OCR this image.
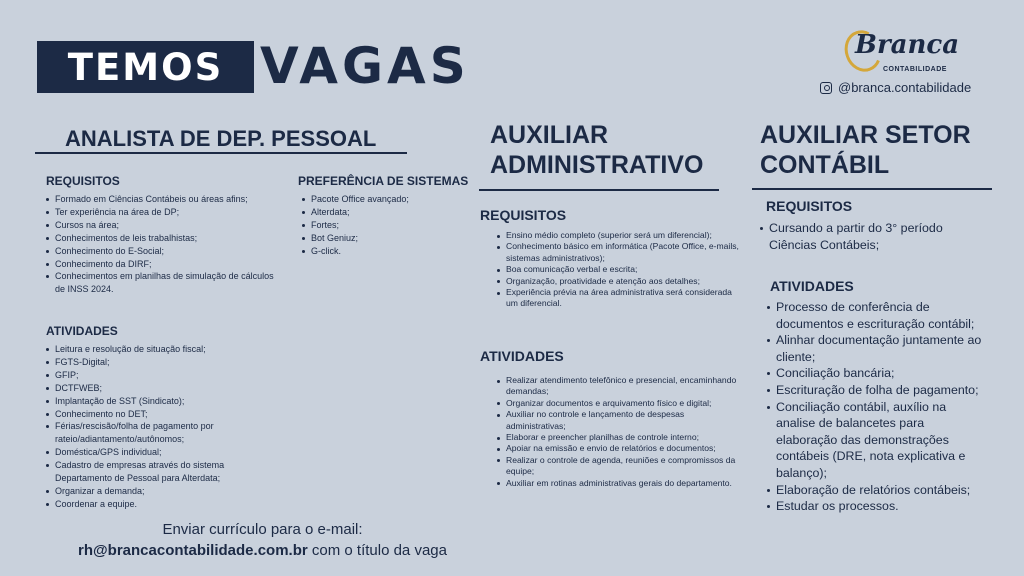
TEMOS VAGAS	Branca
CONTABILIDADE
@branca.contabilidade
ANALISTA DE DEP. PESSOAL
REQUISITOS
Formado em Ciências Contábeis ou áreas afins;
Ter experiência na área de DP;
Cursos na área;
Conhecimentos de leis trabalhistas;
Conhecimento do E-Social;
Conhecimento da DIRF;
Conhecimentos em planilhas de simulação de cálculos de INSS 2024.
PREFERÊNCIA DE SISTEMAS
Pacote Office avançado;
Alterdata;
Fortes;
Bot Geniuz;
G-click.
ATIVIDADES
Leitura e resolução de situação fiscal;
FGTS-Digital;
GFIP;
DCTFWEB;
Implantação de SST (Sindicato);
Conhecimento no DET;
Férias/rescisão/folha de pagamento por rateio/adiantamento/autônomos;
Doméstica/GPS individual;
Cadastro de empresas através do sistema Departamento de Pessoal para Alterdata;
Organizar a demanda;
Coordenar a equipe.
AUXILIAR ADMINISTRATIVO
REQUISITOS
Ensino médio completo (superior será um diferencial);
Conhecimento básico em informática (Pacote Office, e-mails, sistemas administrativos);
Boa comunicação verbal e escrita;
Organização, proatividade e atenção aos detalhes;
Experiência prévia na área administrativa será considerada um diferencial.
ATIVIDADES
Realizar atendimento telefônico e presencial, encaminhando demandas;
Organizar documentos e arquivamento físico e digital;
Auxiliar no controle e lançamento de despesas administrativas;
Elaborar e preencher planilhas de controle interno;
Apoiar na emissão e envio de relatórios e documentos;
Realizar o controle de agenda, reuniões e compromissos da equipe;
Auxiliar em rotinas administrativas gerais do departamento.
AUXILIAR SETOR CONTÁBIL
REQUISITOS
Cursando a partir do 3° período Ciências Contábeis;
ATIVIDADES
Processo de conferência de documentos e escrituração contábil;
Alinhar documentação juntamente ao cliente;
Conciliação bancária;
Escrituração de folha de pagamento;
Conciliação contábil, auxílio na analise de balancetes para elaboração das demonstrações contábeis (DRE, nota explicativa e balanço);
Elaboração de relatórios contábeis;
Estudar os processos.
Enviar currículo para o e-mail:
rh@brancacontabilidade.com.br com o título da vaga
